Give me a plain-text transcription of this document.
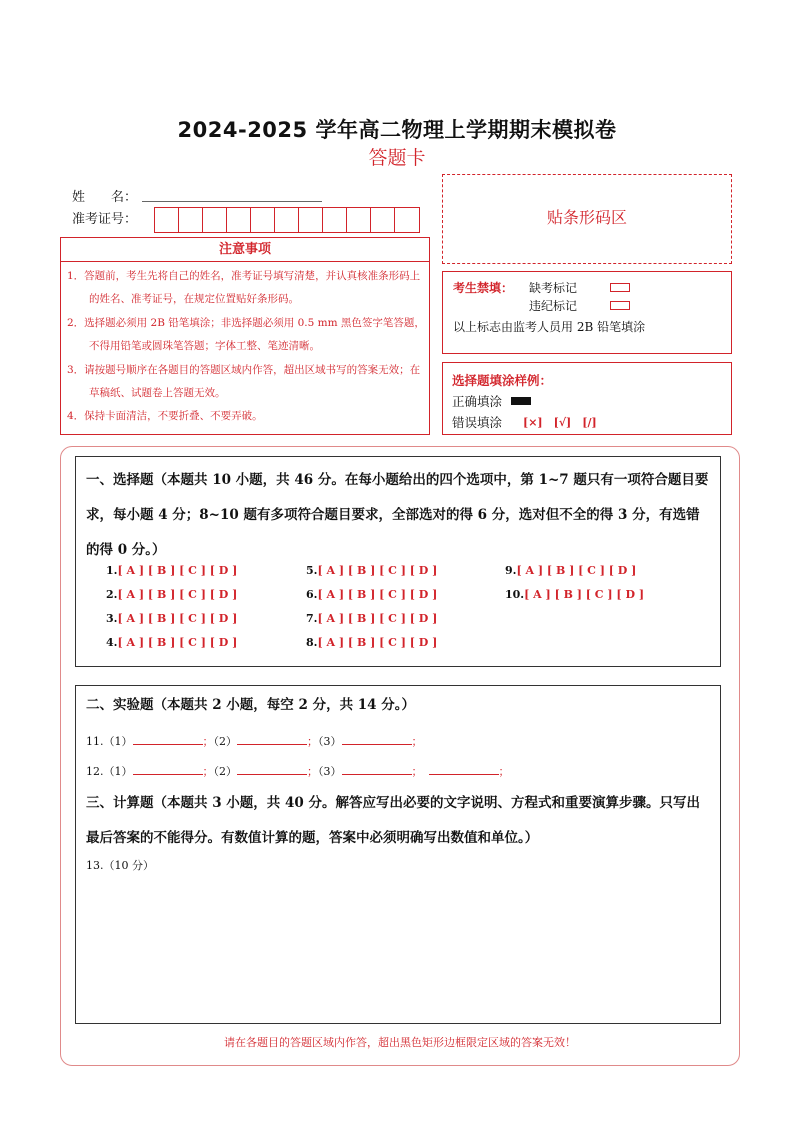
2024-2025 学年高二物理上学期期末模拟卷
答题卡
姓　　名：
准考证号：
注意事项
1．答题前，考生先将自己的姓名，准考证号填写清楚，并认真核准条形码上的姓名、准考证号，在规定位置贴好条形码。
2．选择题必须用 2B 铅笔填涂；非选择题必须用 0.5 mm 黑色签字笔答题，不得用铅笔或圆珠笔答题；字体工整、笔迹清晰。
3．请按题号顺序在各题目的答题区域内作答，超出区域书写的答案无效；在草稿纸、试题卷上答题无效。
4．保持卡面清洁，不要折叠、不要弄破。
贴条形码区
考生禁填： 缺考标记
违纪标记
以上标志由监考人员用 2B 铅笔填涂
选择题填涂样例：
正确填涂
错误填涂 [×]　[√]　[/]
一、选择题（本题共 10 小题，共 46 分。在每小题给出的四个选项中，第 1~7 题只有一项符合题目要求，每小题 4 分；8~10 题有多项符合题目要求，全部选对的得 6 分，选对但不全的得 3 分，有选错的得 0 分。）
1.[ A ] [ B ] [ C ] [ D ]
2.[ A ] [ B ] [ C ] [ D ]
3.[ A ] [ B ] [ C ] [ D ]
4.[ A ] [ B ] [ C ] [ D ]
5.[ A ] [ B ] [ C ] [ D ]
6.[ A ] [ B ] [ C ] [ D ]
7.[ A ] [ B ] [ C ] [ D ]
8.[ A ] [ B ] [ C ] [ D ]
9.[ A ] [ B ] [ C ] [ D ]
10.[ A ] [ B ] [ C ] [ D ]
二、实验题（本题共 2 小题，每空 2 分，共 14 分。）
11.（1）	；（2）	；（3）	；
12.（1）	；（2）	；（3）	；	；
三、计算题（本题共 3 小题，共 40 分。解答应写出必要的文字说明、方程式和重要演算步骤。只写出最后答案的不能得分。有数值计算的题，答案中必须明确写出数值和单位。）
13.（10 分）
请在各题目的答题区域内作答，超出黑色矩形边框限定区域的答案无效！
